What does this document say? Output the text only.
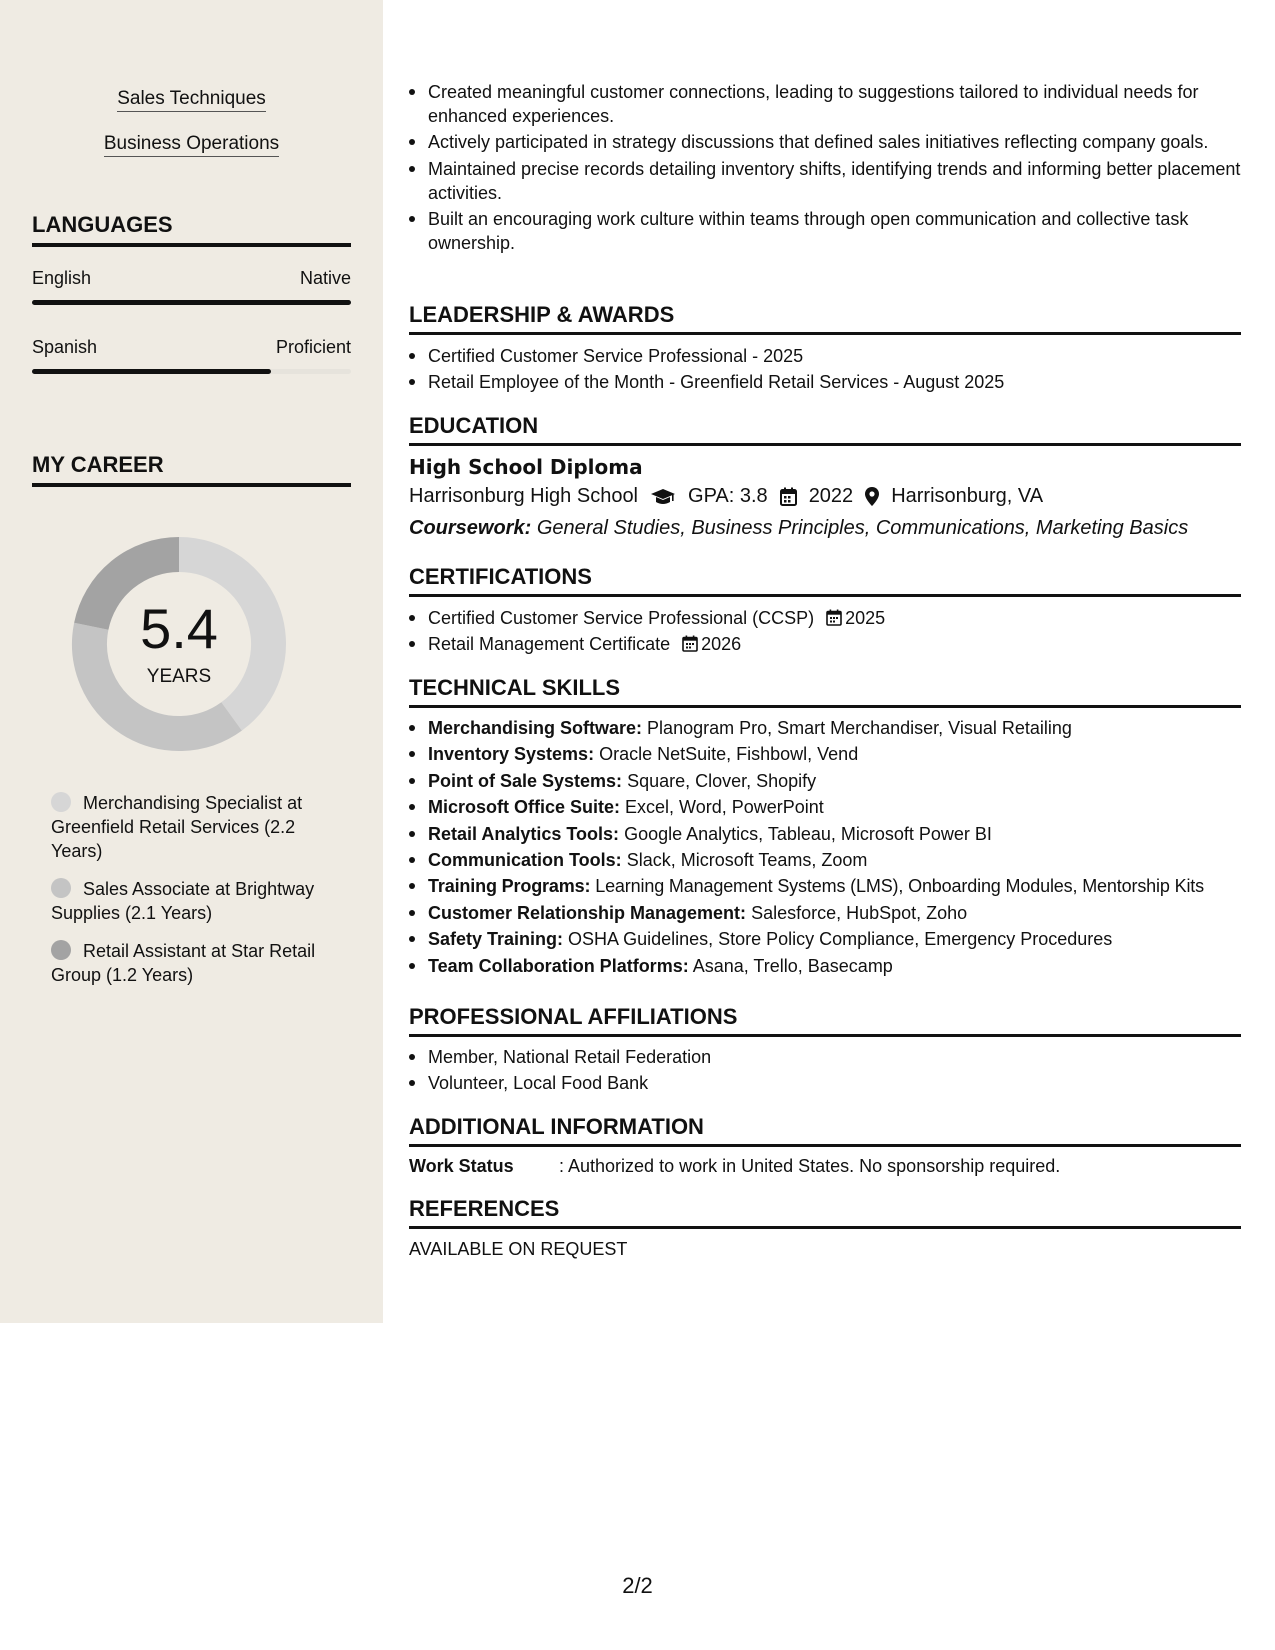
Sales Techniques
Business Operations
LANGUAGES
English	Native
Spanish	Proficient
MY CAREER
5.4
YEARS
Merchandising Specialist at Greenfield Retail Services (2.2 Years)
Sales Associate at Brightway Supplies (2.1 Years)
Retail Assistant at Star Retail Group (1.2 Years)
Created meaningful customer connections, leading to suggestions tailored to individual needs for enhanced experiences.
Actively participated in strategy discussions that defined sales initiatives reflecting company goals.
Maintained precise records detailing inventory shifts, identifying trends and informing better placement activities.
Built an encouraging work culture within teams through open communication and collective task ownership.
LEADERSHIP & AWARDS
Certified Customer Service Professional - 2025
Retail Employee of the Month - Greenfield Retail Services - August 2025
EDUCATION
High School Diploma
Harrisonburg High School	GPA: 3.8 2022 Harrisonburg, VA
Coursework: General Studies, Business Principles, Communications, Marketing Basics
CERTIFICATIONS
Certified Customer Service Professional (CCSP) 2025
Retail Management Certificate 2026
TECHNICAL SKILLS
Merchandising Software: Planogram Pro, Smart Merchandiser, Visual Retailing
Inventory Systems: Oracle NetSuite, Fishbowl, Vend
Point of Sale Systems: Square, Clover, Shopify
Microsoft Office Suite: Excel, Word, PowerPoint
Retail Analytics Tools: Google Analytics, Tableau, Microsoft Power BI
Communication Tools: Slack, Microsoft Teams, Zoom
Training Programs: Learning Management Systems (LMS), Onboarding Modules, Mentorship Kits
Customer Relationship Management: Salesforce, HubSpot, Zoho
Safety Training: OSHA Guidelines, Store Policy Compliance, Emergency Procedures
Team Collaboration Platforms: Asana, Trello, Basecamp
PROFESSIONAL AFFILIATIONS
Member, National Retail Federation
Volunteer, Local Food Bank
ADDITIONAL INFORMATION
Work Status	: Authorized to work in United States. No sponsorship required.
REFERENCES
AVAILABLE ON REQUEST
2/2
